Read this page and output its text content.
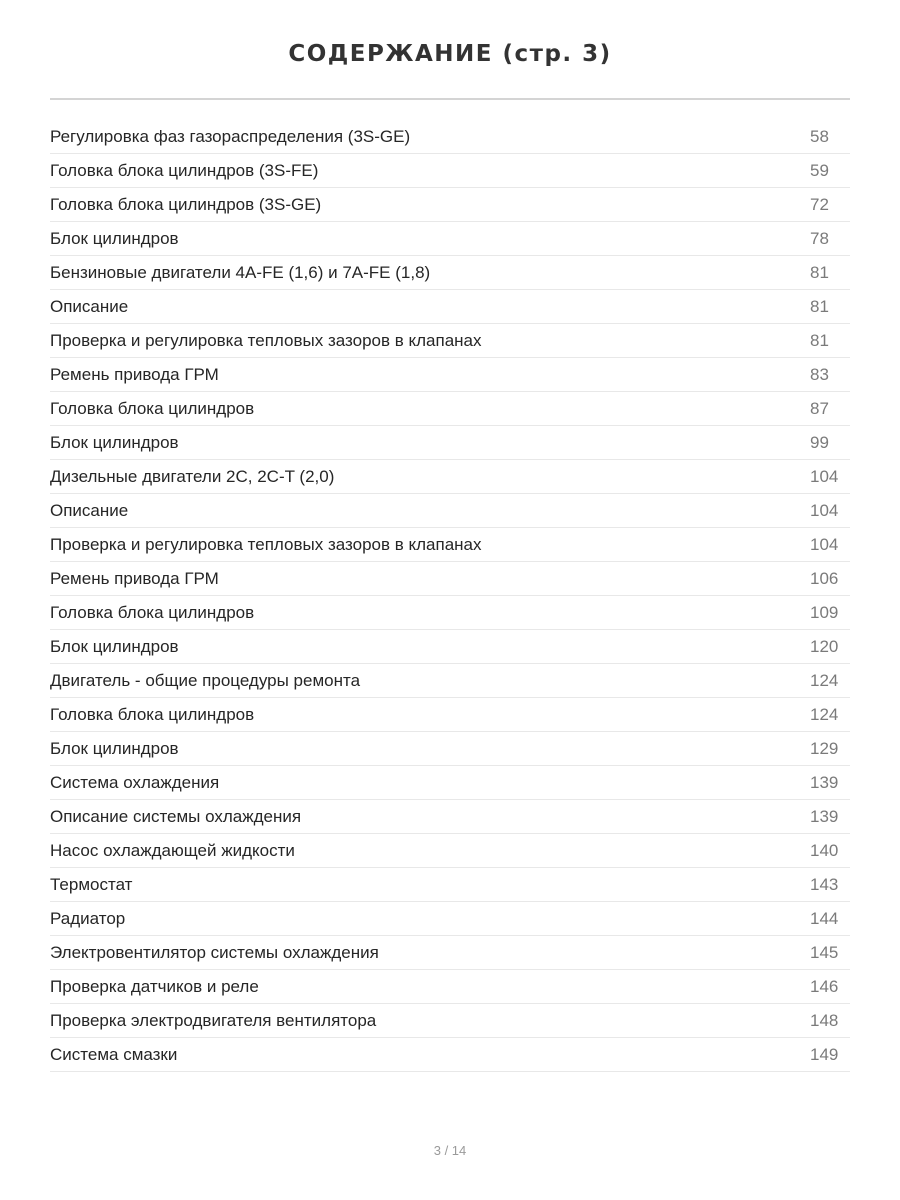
СОДЕРЖАНИЕ (стр. 3)
Регулировка фаз газораспределения (3S-GE)	58
Головка блока цилиндров (3S-FE)	59
Головка блока цилиндров (3S-GE)	72
Блок цилиндров	78
Бензиновые двигатели 4A-FE (1,6) и 7A-FE (1,8)	81
Описание	81
Проверка и регулировка тепловых зазоров в клапанах	81
Ремень привода ГРМ	83
Головка блока цилиндров	87
Блок цилиндров	99
Дизельные двигатели 2C, 2C-T (2,0)	104
Описание	104
Проверка и регулировка тепловых зазоров в клапанах	104
Ремень привода ГРМ	106
Головка блока цилиндров	109
Блок цилиндров	120
Двигатель - общие процедуры ремонта	124
Головка блока цилиндров	124
Блок цилиндров	129
Система охлаждения	139
Описание системы охлаждения	139
Насос охлаждающей жидкости	140
Термостат	143
Радиатор	144
Электровентилятор системы охлаждения	145
Проверка датчиков и реле	146
Проверка электродвигателя вентилятора	148
Система смазки	149
3 / 14
